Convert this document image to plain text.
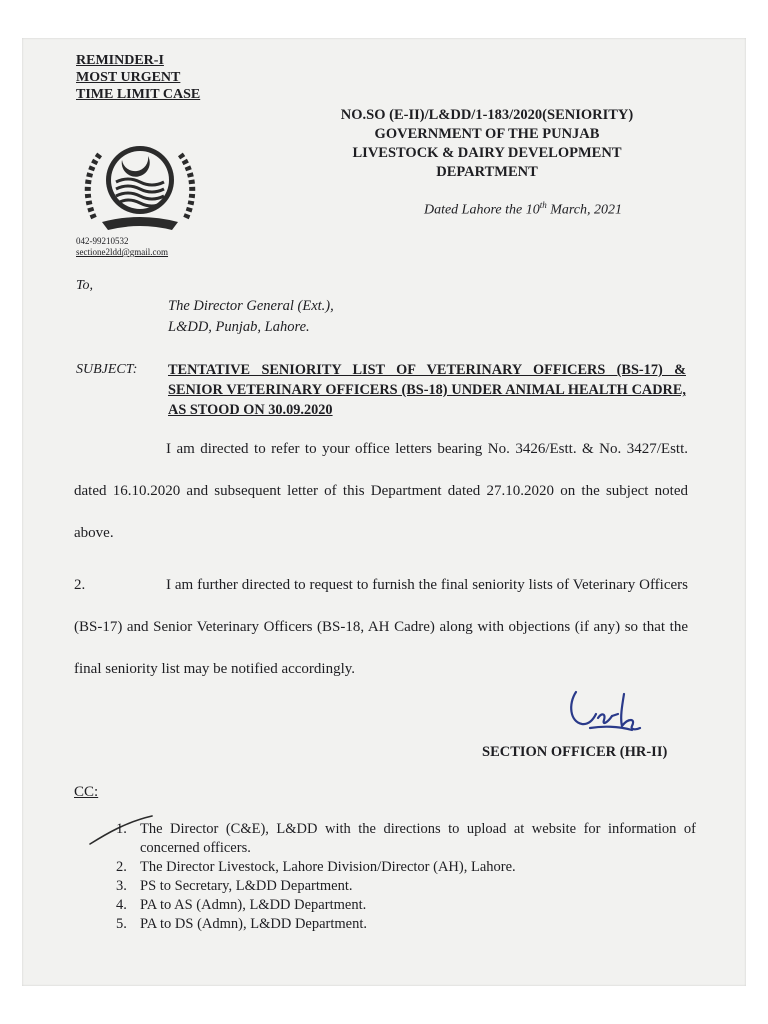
REMINDER-I
MOST URGENT
TIME LIMIT CASE
NO.SO (E-II)/L&DD/1-183/2020(SENIORITY)
GOVERNMENT OF THE PUNJAB
LIVESTOCK & DAIRY DEVELOPMENT
DEPARTMENT
Dated Lahore the 10th March, 2021
042-99210532
sectione2ldd@gmail.com
To,
The Director General (Ext.),
L&DD, Punjab, Lahore.
SUBJECT: TENTATIVE SENIORITY LIST OF VETERINARY OFFICERS (BS-17) & SENIOR VETERINARY OFFICERS (BS-18) UNDER ANIMAL HEALTH CADRE, AS STOOD ON 30.09.2020

I am directed to refer to your office letters bearing No. 3426/Estt. & No. 3427/Estt. dated 16.10.2020 and subsequent letter of this Department dated 27.10.2020 on the subject noted above.

2.	I am further directed to request to furnish the final seniority lists of Veterinary Officers (BS-17) and Senior Veterinary Officers (BS-18, AH Cadre) along with objections (if any) so that the final seniority list may be notified accordingly.

SECTION OFFICER (HR-II)
CC:
1. The Director (C&E), L&DD with the directions to upload at website for information of concerned officers.
2. The Director Livestock, Lahore Division/Director (AH), Lahore.
3. PS to Secretary, L&DD Department.
4. PA to AS (Admn), L&DD Department.
5. PA to DS (Admn), L&DD Department.
